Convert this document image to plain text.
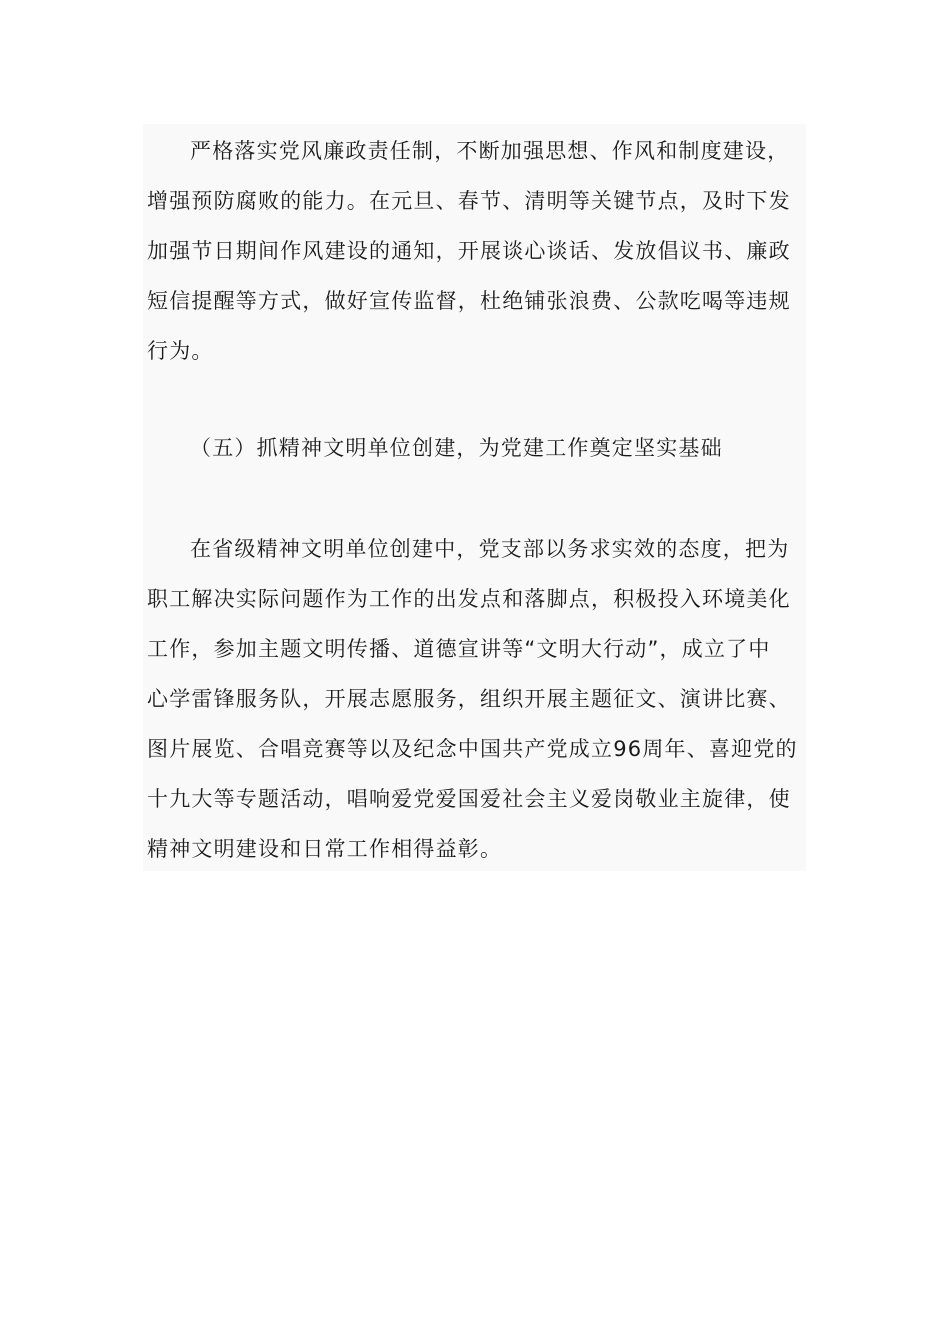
严格落实党风廉政责任制，不断加强思想、作风和制度建设，
增强预防腐败的能力。在元旦、春节、清明等关键节点，及时下发
加强节日期间作风建设的通知，开展谈心谈话、发放倡议书、廉政
短信提醒等方式，做好宣传监督，杜绝铺张浪费、公款吃喝等违规
行为。
（五）抓精神文明单位创建，为党建工作奠定坚实基础
在省级精神文明单位创建中，党支部以务求实效的态度，把为
职工解决实际问题作为工作的出发点和落脚点，积极投入环境美化
工作，参加主题文明传播、道德宣讲等“文明大行动”，成立了中
心学雷锋服务队，开展志愿服务，组织开展主题征文、演讲比赛、
图片展览、合唱竞赛等以及纪念中国共产党成立96周年、喜迎党的
十九大等专题活动，唱响爱党爱国爱社会主义爱岗敬业主旋律，使
精神文明建设和日常工作相得益彰。
